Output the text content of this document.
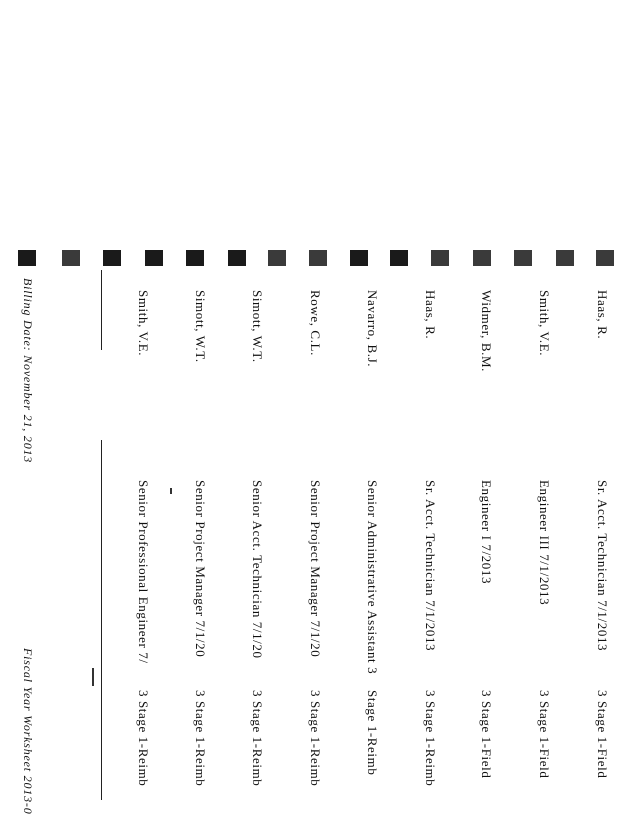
Haas, R.
Sr. Acct. Technician 7/1/2013
3 Stage 1-Field
Smith, V.E.
Engineer III 7/1/2013
3 Stage 1-Field
Widmer, B.M.
Engineer I 7/2013
3 Stage 1-Field
Haas, R.
Sr. Acct. Technician 7/1/2013
3 Stage 1-Reimb
Navarro, B.J.
Senior Administrative Assistant 3
Stage 1-Reimb
Rowe, C.L.
Senior Project Manager 7/1/20
3 Stage 1-Reimb
Simott, W.T.
Senior Acct. Technician 7/1/20
3 Stage 1-Reimb
Simott, W.T.
Senior Project Manager 7/1/20
3 Stage 1-Reimb
Smith, V.E.
Senior Professional Engineer 7/
3 Stage 1-Reimb
Billing Date: November 21, 2013
Fiscal Year Worksheet 2013-0
